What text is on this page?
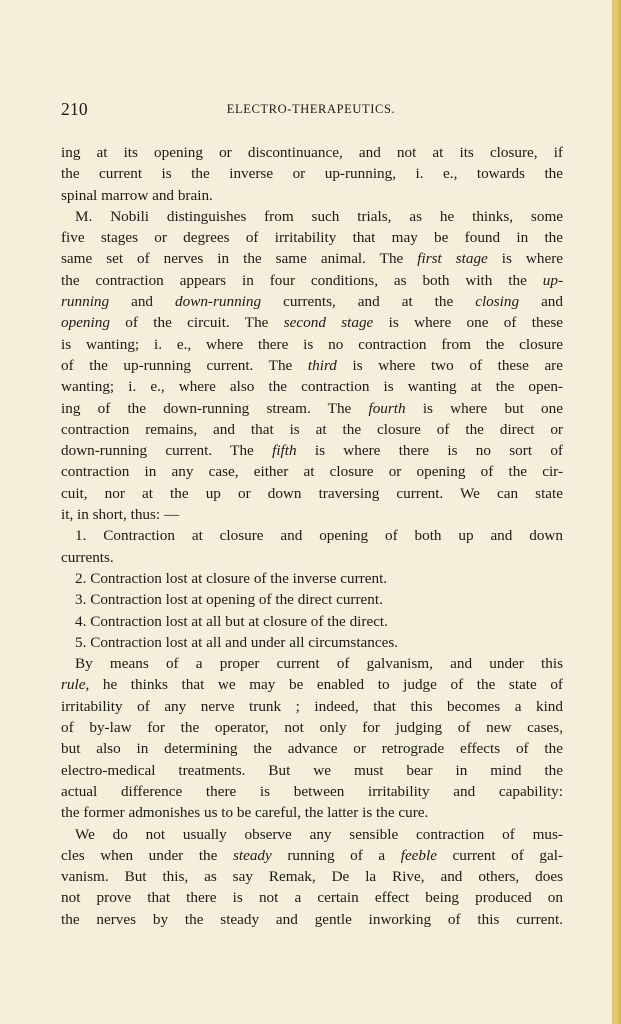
210	ELECTRO-THERAPEUTICS.
ing at its opening or discontinuance, and not at its closure, if
the current is the inverse or up-running, i. e., towards the
spinal marrow and brain.
M. Nobili distinguishes from such trials, as he thinks, some
five stages or degrees of irritability that may be found in the
same set of nerves in the same animal. The first stage is where
the contraction appears in four conditions, as both with the up-
running and down-running currents, and at the closing and
opening of the circuit. The second stage is where one of these
is wanting; i. e., where there is no contraction from the closure
of the up-running current. The third is where two of these are
wanting; i. e., where also the contraction is wanting at the open-
ing of the down-running stream. The fourth is where but one
contraction remains, and that is at the closure of the direct or
down-running current. The fifth is where there is no sort of
contraction in any case, either at closure or opening of the cir-
cuit, nor at the up or down traversing current. We can state
it, in short, thus: —
1. Contraction at closure and opening of both up and down
currents.
2. Contraction lost at closure of the inverse current.
3. Contraction lost at opening of the direct current.
4. Contraction lost at all but at closure of the direct.
5. Contraction lost at all and under all circumstances.
By means of a proper current of galvanism, and under this
rule, he thinks that we may be enabled to judge of the state of
irritability of any nerve trunk ; indeed, that this becomes a kind
of by-law for the operator, not only for judging of new cases,
but also in determining the advance or retrograde effects of the
electro-medical treatments. But we must bear in mind the
actual difference there is between irritability and capability:
the former admonishes us to be careful, the latter is the cure.
We do not usually observe any sensible contraction of mus-
cles when under the steady running of a feeble current of gal-
vanism. But this, as say Remak, De la Rive, and others, does
not prove that there is not a certain effect being produced on
the nerves by the steady and gentle inworking of this current.
